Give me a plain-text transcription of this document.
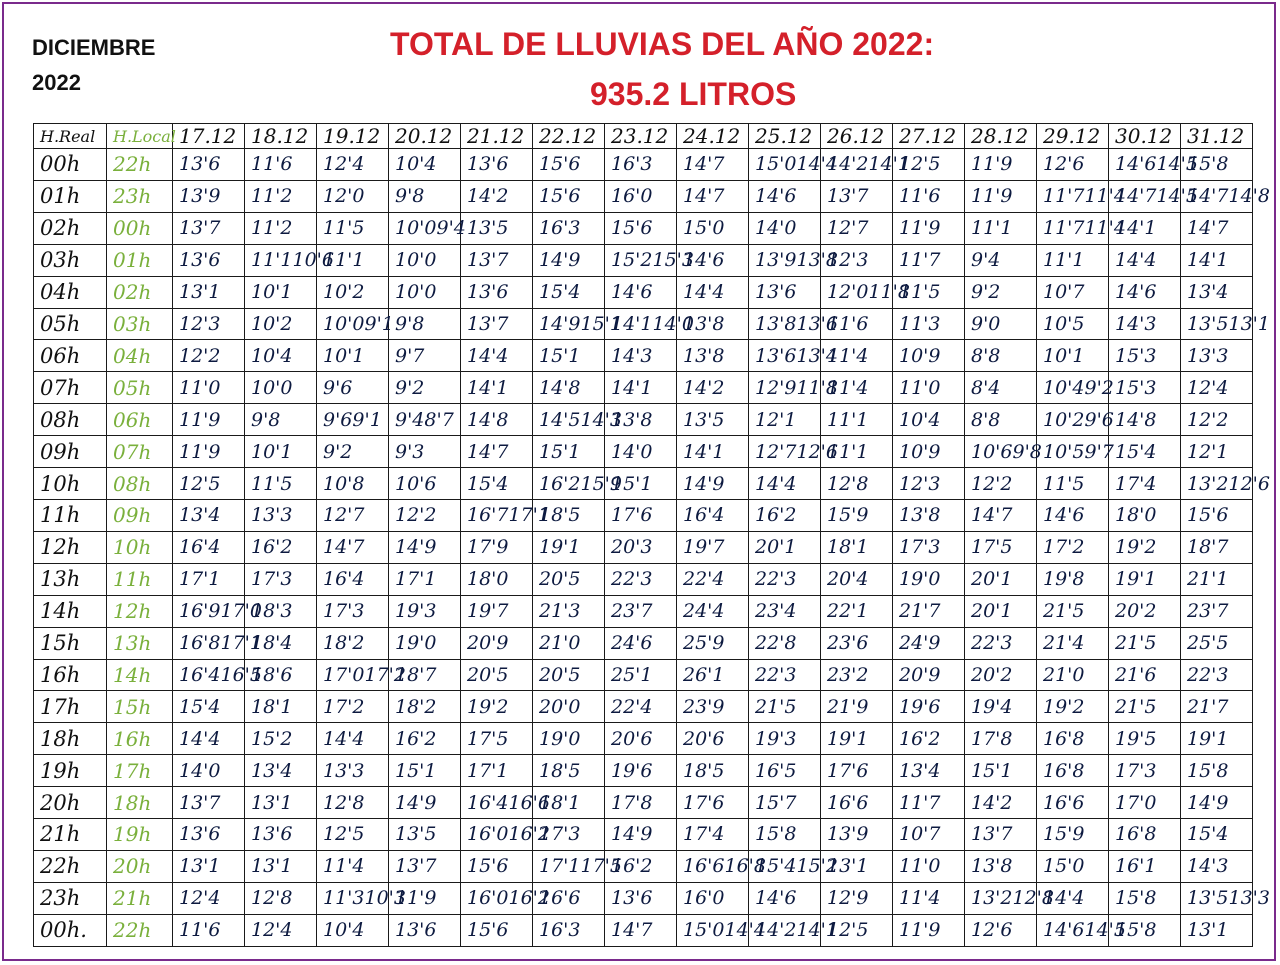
DICIEMBRE
2022
TOTAL DE LLUVIAS DEL AÑO 2022:
935.2 LITROS
H.Real	H.Local	17.12	18.12	19.12	20.12	21.12	22.12	23.12	24.12	25.12	26.12	27.12	28.12	29.12	30.12	31.12
00h	22h	13'6	11'6	12'4	10'4	13'6	15'6	16'3	14'7	15'014'4	14'214'1	12'5	11'9	12'6	14'614'5	15'8
01h	23h	13'9	11'2	12'0	9'8	14'2	15'6	16'0	14'7	14'6	13'7	11'6	11'9	11'711'4	14'714'5	14'714'8
02h	00h	13'7	11'2	11'5	10'09'4	13'5	16'3	15'6	15'0	14'0	12'7	11'9	11'1	11'711'4	14'1	14'7
03h	01h	13'6	11'110'6	11'1	10'0	13'7	14'9	15'215'3	14'6	13'913'8	12'3	11'7	9'4	11'1	14'4	14'1
04h	02h	13'1	10'1	10'2	10'0	13'6	15'4	14'6	14'4	13'6	12'011'8	11'5	9'2	10'7	14'6	13'4
05h	03h	12'3	10'2	10'09'1	9'8	13'7	14'915'1	14'114'0	13'8	13'813'6	11'6	11'3	9'0	10'5	14'3	13'513'1
06h	04h	12'2	10'4	10'1	9'7	14'4	15'1	14'3	13'8	13'613'4	11'4	10'9	8'8	10'1	15'3	13'3
07h	05h	11'0	10'0	9'6	9'2	14'1	14'8	14'1	14'2	12'911'8	11'4	11'0	8'4	10'49'2	15'3	12'4
08h	06h	11'9	9'8	9'69'1	9'48'7	14'8	14'514'3	13'8	13'5	12'1	11'1	10'4	8'8	10'29'6	14'8	12'2
09h	07h	11'9	10'1	9'2	9'3	14'7	15'1	14'0	14'1	12'712'6	11'1	10'9	10'69'8	10'59'7	15'4	12'1
10h	08h	12'5	11'5	10'8	10'6	15'4	16'215'9	15'1	14'9	14'4	12'8	12'3	12'2	11'5	17'4	13'212'6
11h	09h	13'4	13'3	12'7	12'2	16'717'1	18'5	17'6	16'4	16'2	15'9	13'8	14'7	14'6	18'0	15'6
12h	10h	16'4	16'2	14'7	14'9	17'9	19'1	20'3	19'7	20'1	18'1	17'3	17'5	17'2	19'2	18'7
13h	11h	17'1	17'3	16'4	17'1	18'0	20'5	22'3	22'4	22'3	20'4	19'0	20'1	19'8	19'1	21'1
14h	12h	16'917'0	18'3	17'3	19'3	19'7	21'3	23'7	24'4	23'4	22'1	21'7	20'1	21'5	20'2	23'7
15h	13h	16'817'1	18'4	18'2	19'0	20'9	21'0	24'6	25'9	22'8	23'6	24'9	22'3	21'4	21'5	25'5
16h	14h	16'416'5	18'6	17'017'2	18'7	20'5	20'5	25'1	26'1	22'3	23'2	20'9	20'2	21'0	21'6	22'3
17h	15h	15'4	18'1	17'2	18'2	19'2	20'0	22'4	23'9	21'5	21'9	19'6	19'4	19'2	21'5	21'7
18h	16h	14'4	15'2	14'4	16'2	17'5	19'0	20'6	20'6	19'3	19'1	16'2	17'8	16'8	19'5	19'1
19h	17h	14'0	13'4	13'3	15'1	17'1	18'5	19'6	18'5	16'5	17'6	13'4	15'1	16'8	17'3	15'8
20h	18h	13'7	13'1	12'8	14'9	16'416'6	18'1	17'8	17'6	15'7	16'6	11'7	14'2	16'6	17'0	14'9
21h	19h	13'6	13'6	12'5	13'5	16'016'2	17'3	14'9	17'4	15'8	13'9	10'7	13'7	15'9	16'8	15'4
22h	20h	13'1	13'1	11'4	13'7	15'6	17'117'5	16'2	16'616'8	15'415'2	13'1	11'0	13'8	15'0	16'1	14'3
23h	21h	12'4	12'8	11'310'3	11'9	16'016'2	16'6	13'6	16'0	14'6	12'9	11'4	13'212'8	14'4	15'8	13'513'3
00h.	22h	11'6	12'4	10'4	13'6	15'6	16'3	14'7	15'014'4	14'214'1	12'5	11'9	12'6	14'614'5	15'8	13'1
